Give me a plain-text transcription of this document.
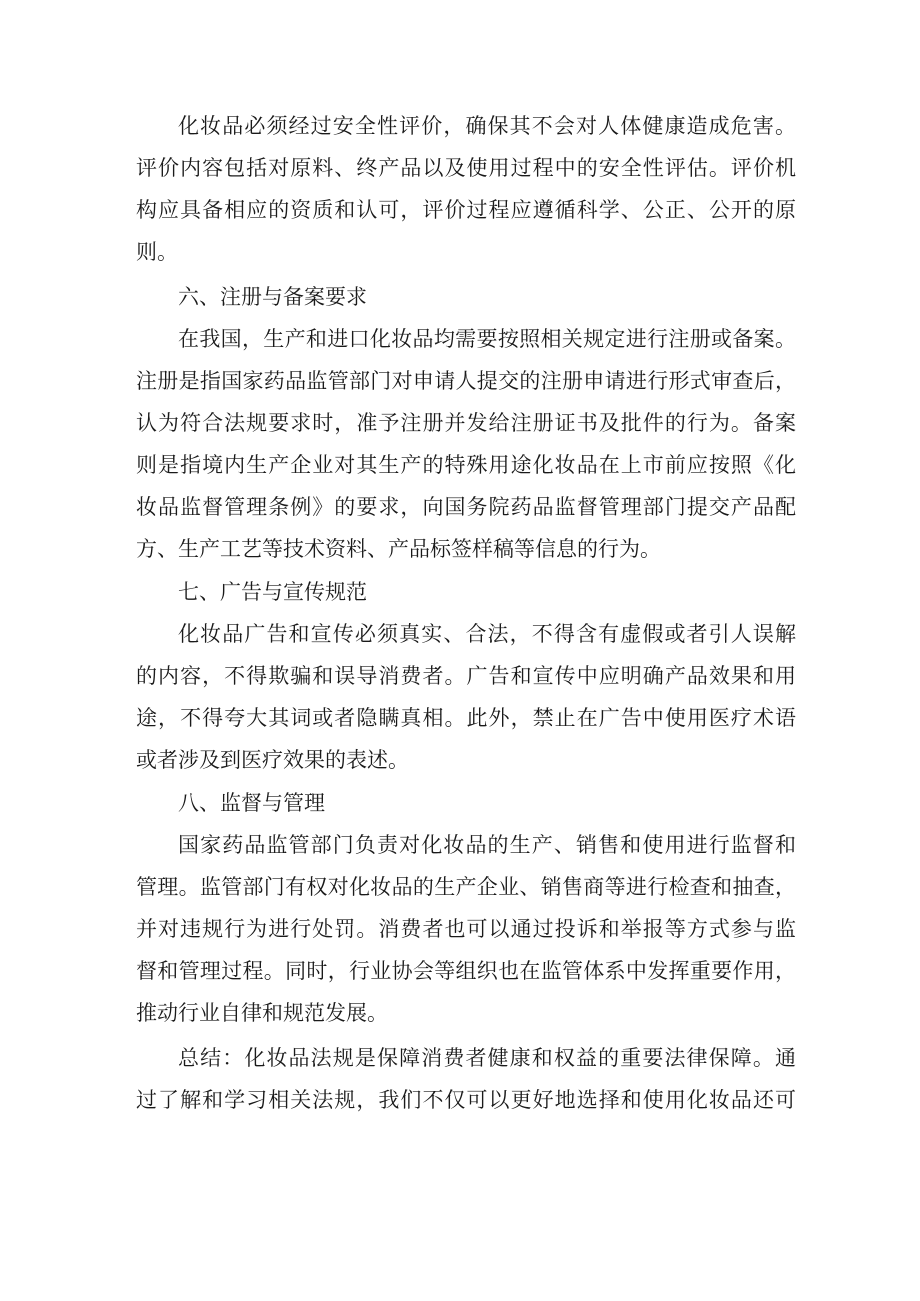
化妆品必须经过安全性评价，确保其不会对人体健康造成危害。
评价内容包括对原料、终产品以及使用过程中的安全性评估。评价机
构应具备相应的资质和认可，评价过程应遵循科学、公正、公开的原
则。
六、注册与备案要求
在我国，生产和进口化妆品均需要按照相关规定进行注册或备案。
注册是指国家药品监管部门对申请人提交的注册申请进行形式审查后，
认为符合法规要求时，准予注册并发给注册证书及批件的行为。备案
则是指境内生产企业对其生产的特殊用途化妆品在上市前应按照《化
妆品监督管理条例》的要求，向国务院药品监督管理部门提交产品配
方、生产工艺等技术资料、产品标签样稿等信息的行为。
七、广告与宣传规范
化妆品广告和宣传必须真实、合法，不得含有虚假或者引人误解
的内容，不得欺骗和误导消费者。广告和宣传中应明确产品效果和用
途，不得夸大其词或者隐瞒真相。此外，禁止在广告中使用医疗术语
或者涉及到医疗效果的表述。
八、监督与管理
国家药品监管部门负责对化妆品的生产、销售和使用进行监督和
管理。监管部门有权对化妆品的生产企业、销售商等进行检查和抽查，
并对违规行为进行处罚。消费者也可以通过投诉和举报等方式参与监
督和管理过程。同时，行业协会等组织也在监管体系中发挥重要作用，
推动行业自律和规范发展。
总结：化妆品法规是保障消费者健康和权益的重要法律保障。通
过了解和学习相关法规，我们不仅可以更好地选择和使用化妆品还可
